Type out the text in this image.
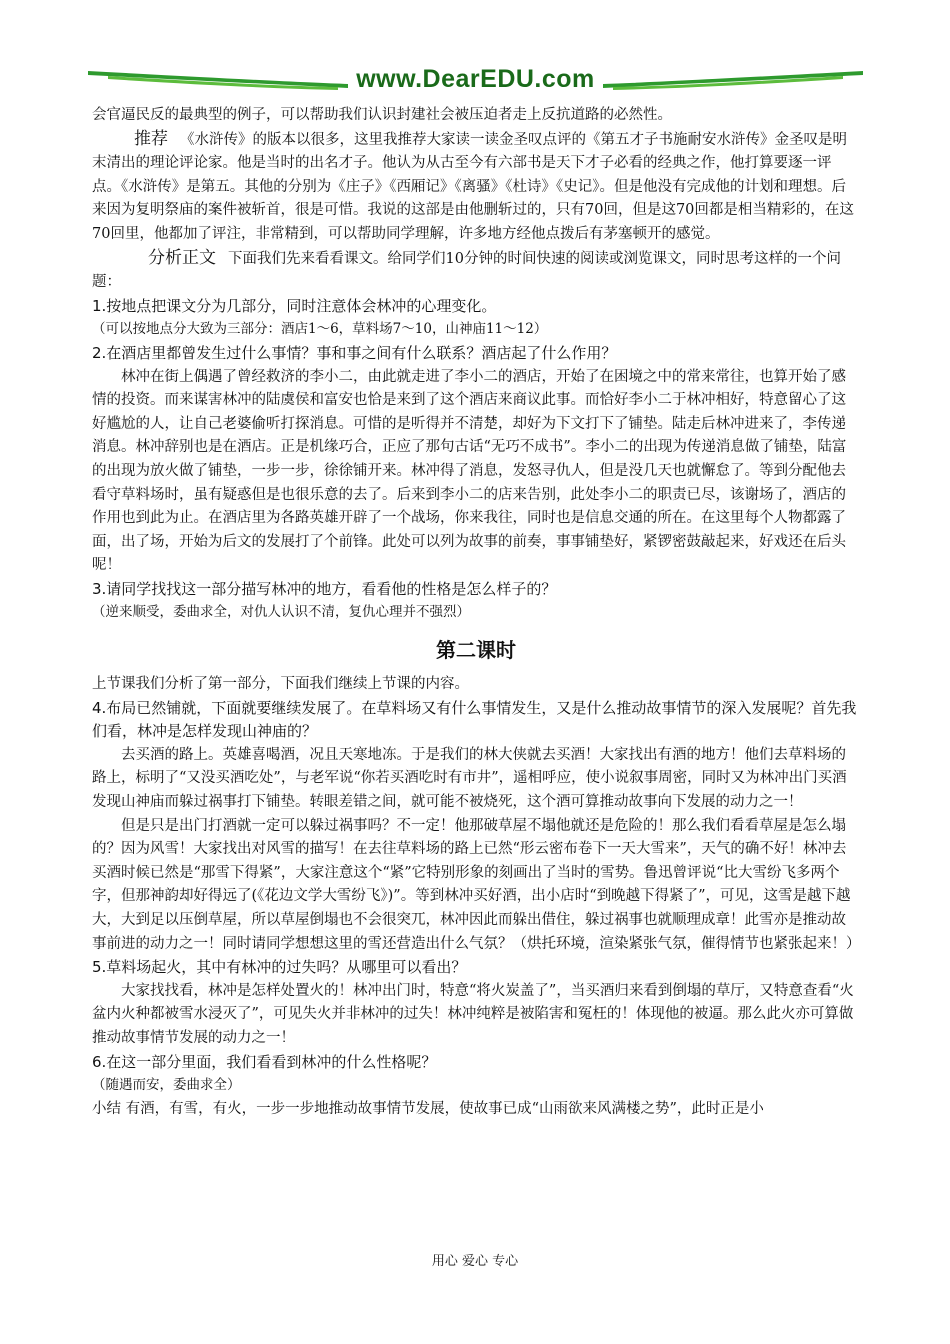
www.DearEDU.com

会官逼民反的最典型的例子，可以帮助我们认识封建社会被压迫者走上反抗道路的必然性。

推荐 《水浒传》的版本以很多，这里我推荐大家读一读金圣叹点评的《第五才子书施耐安水浒传》金圣叹是明末清出的理论评论家。他是当时的出名才子。他认为从古至今有六部书是天下才子必看的经典之作，他打算要逐一评点。《水浒传》是第五。其他的分别为《庄子》《西厢记》《离骚》《杜诗》《史记》。但是他没有完成他的计划和理想。后来因为复明祭庙的案件被斩首，很是可惜。我说的这部是由他删斩过的，只有70回，但是这70回都是相当精彩的，在这70回里，他都加了评注，非常精到，可以帮助同学理解，许多地方经他点拨后有茅塞顿开的感觉。

分析正文 下面我们先来看看课文。给同学们10分钟的时间快速的阅读或浏览课文，同时思考这样的一个问题：

1.按地点把课文分为几部分，同时注意体会林冲的心理变化。

（可以按地点分大致为三部分：酒店1～6，草料场7～10，山神庙11～12）

2.在酒店里都曾发生过什么事情？事和事之间有什么联系？酒店起了什么作用？

林冲在街上偶遇了曾经救济的李小二，由此就走进了李小二的酒店，开始了在困境之中的常来常往，也算开始了感情的投资。而来谋害林冲的陆虞侯和富安也恰是来到了这个酒店来商议此事。而恰好李小二于林冲相好，特意留心了这好尴尬的人，让自己老婆偷听打探消息。可惜的是听得并不清楚，却好为下文打下了铺垫。陆走后林冲进来了，李传递消息。林冲辞别也是在酒店。正是机缘巧合，正应了那句古话“无巧不成书”。李小二的出现为传递消息做了铺垫，陆富的出现为放火做了铺垫，一步一步，徐徐铺开来。林冲得了消息，发怒寻仇人，但是没几天也就懈怠了。等到分配他去看守草料场时，虽有疑惑但是也很乐意的去了。后来到李小二的店来告别，此处李小二的职责已尽，该谢场了，酒店的作用也到此为止。在酒店里为各路英雄开辟了一个战场，你来我往，同时也是信息交通的所在。在这里每个人物都露了面，出了场，开始为后文的发展打了个前锋。此处可以列为故事的前奏，事事铺垫好，紧锣密鼓敲起来，好戏还在后头呢！

3.请同学找找这一部分描写林冲的地方，看看他的性格是怎么样子的？

（逆来顺受，委曲求全，对仇人认识不清，复仇心理并不强烈）

第二课时

上节课我们分析了第一部分，下面我们继续上节课的内容。

4.布局已然铺就，下面就要继续发展了。在草料场又有什么事情发生，又是什么推动故事情节的深入发展呢？首先我们看，林冲是怎样发现山神庙的？

去买酒的路上。英雄喜喝酒，况且天寒地冻。于是我们的林大侠就去买酒！大家找出有酒的地方！他们去草料场的路上，标明了“又没买酒吃处”，与老军说“你若买酒吃时有市井”，遥相呼应，使小说叙事周密，同时又为林冲出门买酒发现山神庙而躲过祸事打下铺垫。转眼差错之间，就可能不被烧死，这个酒可算推动故事向下发展的动力之一！

但是只是出门打酒就一定可以躲过祸事吗？不一定！他那破草屋不塌他就还是危险的！那么我们看看草屋是怎么塌的？因为风雪！大家找出对风雪的描写！在去往草料场的路上已然“形云密布卷下一天大雪来”，天气的确不好！林冲去买酒时候已然是“那雪下得紧”，大家注意这个“紧”它特别形象的刻画出了当时的雪势。鲁迅曾评说“比大雪纷飞多两个字，但那神韵却好得远了(《花边文学大雪纷飞》)”。等到林冲买好酒，出小店时“到晚越下得紧了”，可见，这雪是越下越大，大到足以压倒草屋，所以草屋倒塌也不会很突兀，林冲因此而躲出借住，躲过祸事也就顺理成章！此雪亦是推动故事前进的动力之一！同时请同学想想这里的雪还营造出什么气氛？（烘托环境，渲染紧张气氛，催得情节也紧张起来！）

5.草料场起火，其中有林冲的过失吗？从哪里可以看出？

大家找找看，林冲是怎样处置火的！林冲出门时，特意“将火炭盖了”，当买酒归来看到倒塌的草厅，又特意查看“火盆内火种都被雪水浸灭了”，可见失火并非林冲的过失！林冲纯粹是被陷害和冤枉的！体现他的被逼。那么此火亦可算做推动故事情节发展的动力之一！

6.在这一部分里面，我们看看到林冲的什么性格呢？

（随遇而安，委曲求全）

小结 有酒，有雪，有火，一步一步地推动故事情节发展，使故事已成“山雨欲来风满楼之势”，此时正是小

用心 爱心 专心
